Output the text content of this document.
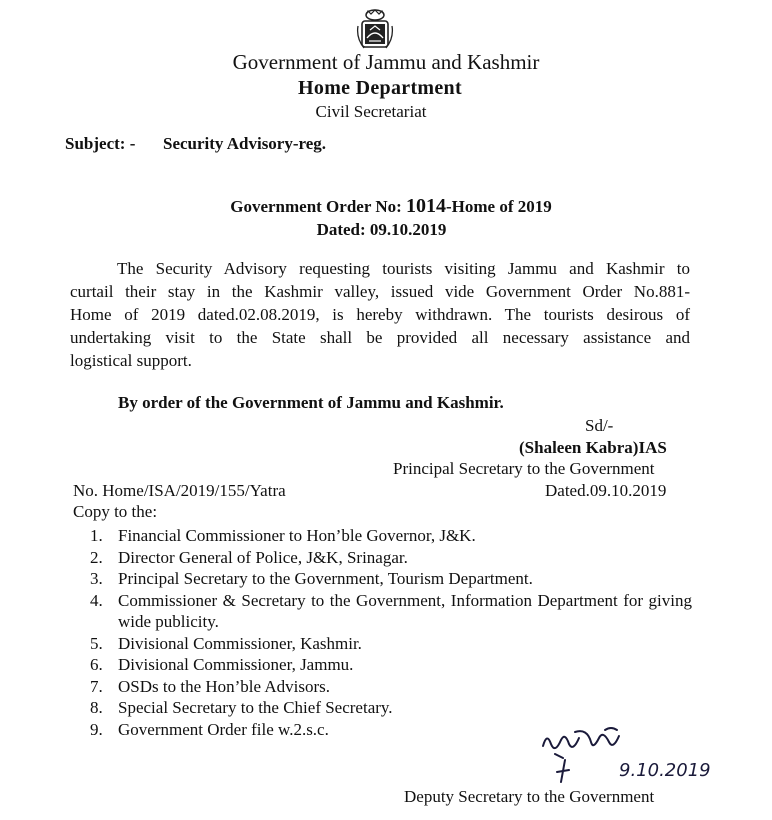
Government of Jammu and Kashmir
Home Department
Civil Secretariat
Subject: - Security Advisory-reg.
Government Order No: 1014-Home of 2019
Dated: 09.10.2019
The Security Advisory requesting tourists visiting Jammu and Kashmir to
curtail their stay in the Kashmir valley, issued vide Government Order No.881-
Home of 2019 dated.02.08.2019, is hereby withdrawn. The tourists desirous of
undertaking visit to the State shall be provided all necessary assistance and
logistical support.
By order of the Government of Jammu and Kashmir.
Sd/-
(Shaleen Kabra)IAS
Principal Secretary to the Government
No. Home/ISA/2019/155/Yatra	Dated.09.10.2019
Copy to the:
1. Financial Commissioner to Hon’ble Governor, J&K.
2. Director General of Police, J&K, Srinagar.
3. Principal Secretary to the Government, Tourism Department.
4. Commissioner & Secretary to the Government, Information Department for giving wide publicity.
5. Divisional Commissioner, Kashmir.
6. Divisional Commissioner, Jammu.
7. OSDs to the Hon’ble Advisors.
8. Special Secretary to the Chief Secretary.
9. Government Order file w.2.s.c.
9.10.2019
Deputy Secretary to the Government
